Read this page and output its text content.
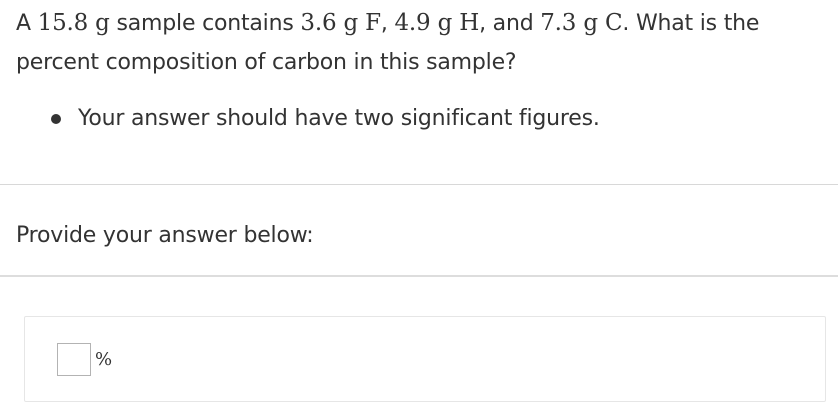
A 15.8 g sample contains 3.6 g F, 4.9 g H, and 7.3 g C. What is the percent composition of carbon in this sample?
Your answer should have two significant figures.
Provide your answer below:
%
